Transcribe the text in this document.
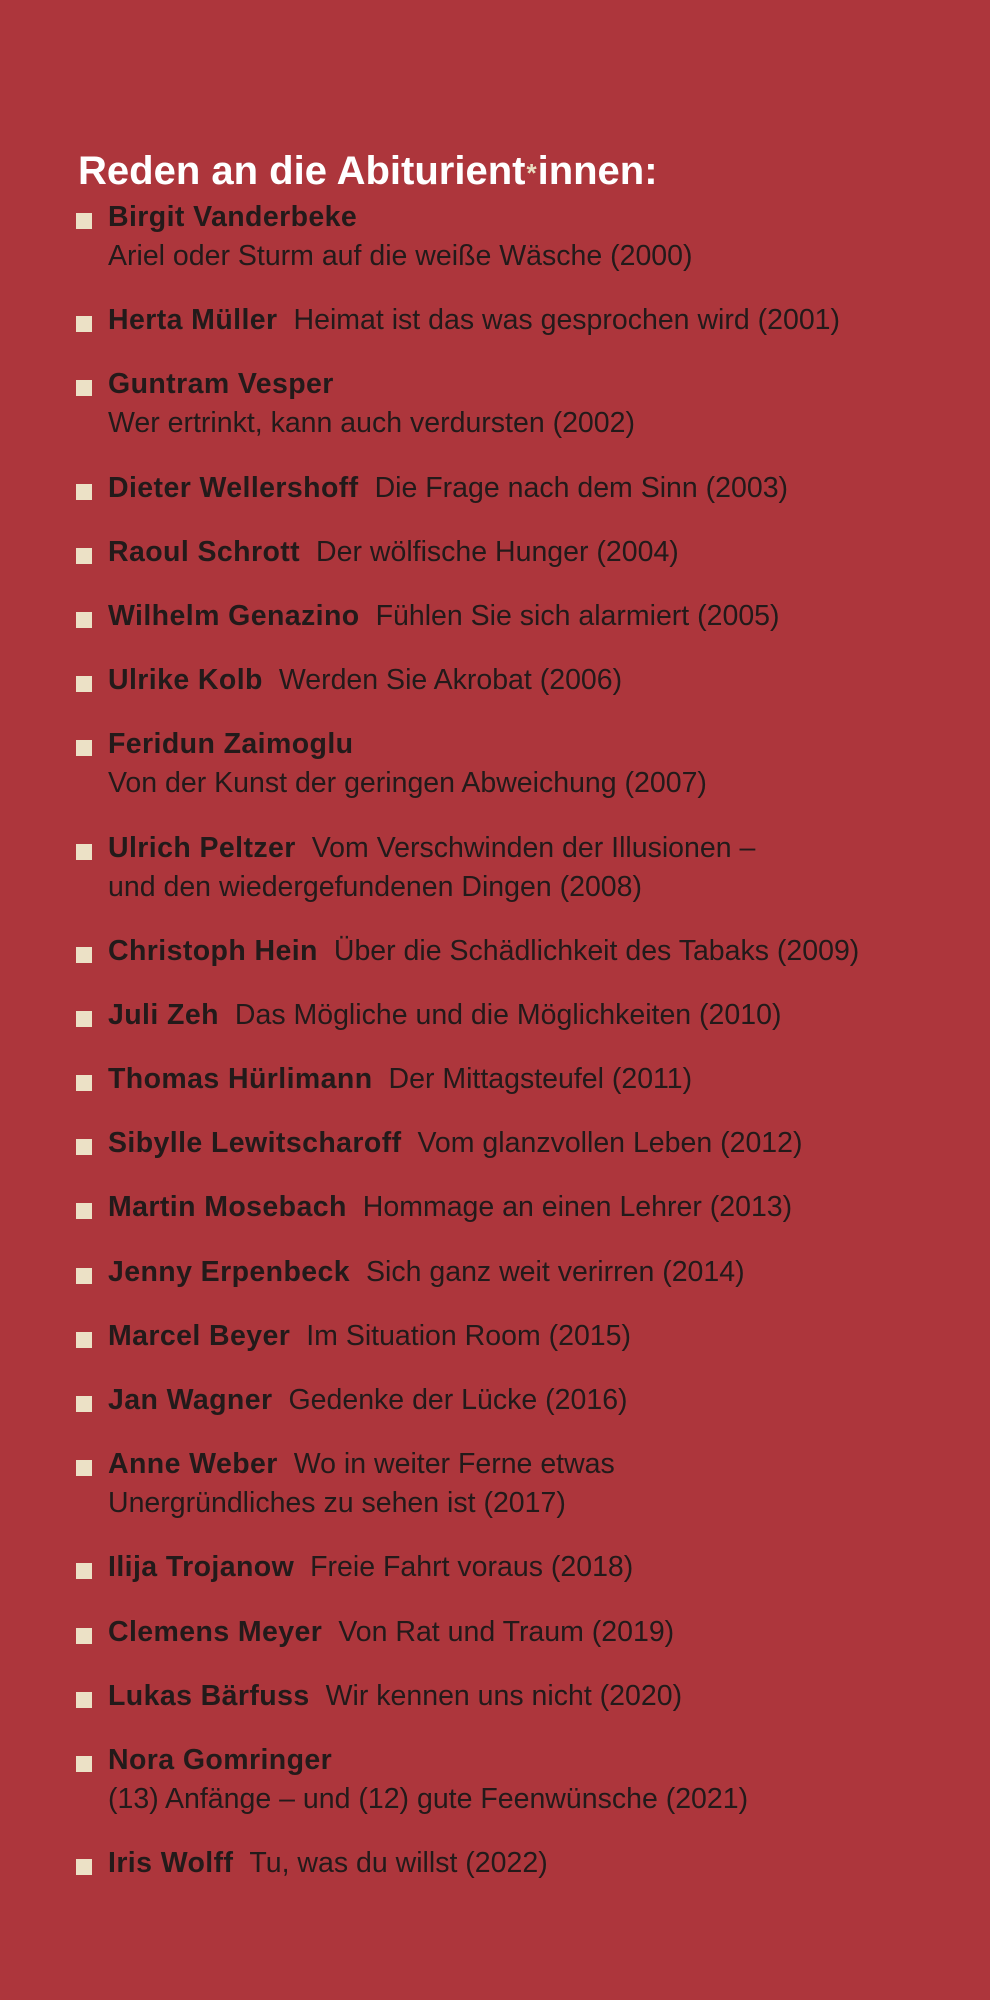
Reden an die Abiturient*innen:
Birgit Vanderbeke
Ariel oder Sturm auf die weiße Wäsche (2000)
Herta Müller Heimat ist das was gesprochen wird (2001)
Guntram Vesper
Wer ertrinkt, kann auch verdursten (2002)
Dieter Wellershoff Die Frage nach dem Sinn (2003)
Raoul Schrott Der wölfische Hunger (2004)
Wilhelm Genazino Fühlen Sie sich alarmiert (2005)
Ulrike Kolb Werden Sie Akrobat (2006)
Feridun Zaimoglu
Von der Kunst der geringen Abweichung (2007)
Ulrich Peltzer Vom Verschwinden der Illusionen –
und den wiedergefundenen Dingen (2008)
Christoph Hein Über die Schädlichkeit des Tabaks (2009)
Juli Zeh Das Mögliche und die Möglichkeiten (2010)
Thomas Hürlimann Der Mittagsteufel (2011)
Sibylle Lewitscharoff Vom glanzvollen Leben (2012)
Martin Mosebach Hommage an einen Lehrer (2013)
Jenny Erpenbeck Sich ganz weit verirren (2014)
Marcel Beyer Im Situation Room (2015)
Jan Wagner Gedenke der Lücke (2016)
Anne Weber Wo in weiter Ferne etwas
Unergründliches zu sehen ist (2017)
Ilija Trojanow Freie Fahrt voraus (2018)
Clemens Meyer Von Rat und Traum (2019)
Lukas Bärfuss Wir kennen uns nicht (2020)
Nora Gomringer
(13) Anfänge – und (12) gute Feenwünsche (2021)
Iris Wolff Tu, was du willst (2022)
